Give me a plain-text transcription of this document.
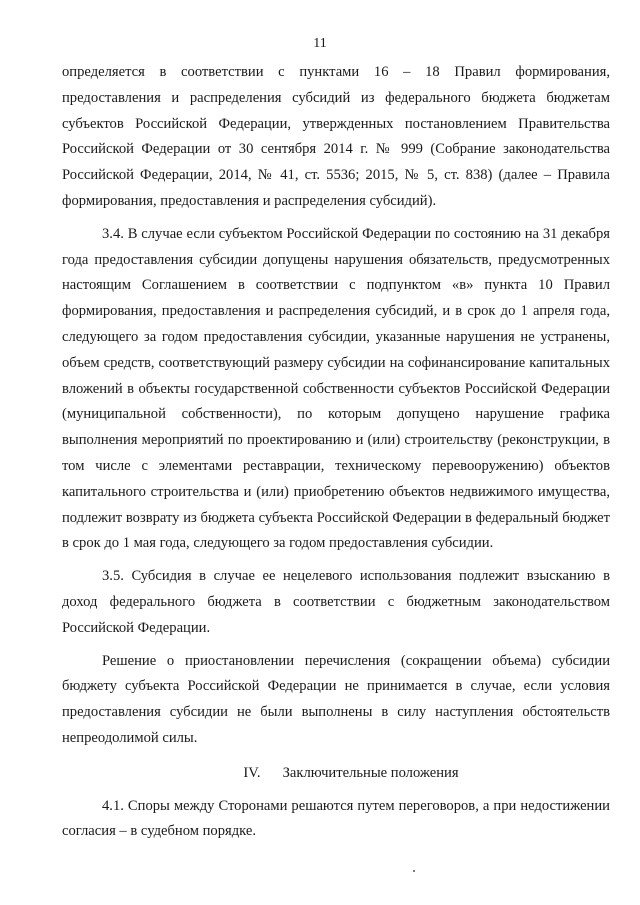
11

определяется в соответствии с пунктами 16 – 18 Правил формирования, предоставления и распределения субсидий из федерального бюджета бюджетам субъектов Российской Федерации, утвержденных постановлением Правительства Российской Федерации от 30 сентября 2014 г. № 999 (Собрание законодательства Российской Федерации, 2014, № 41, ст. 5536; 2015, № 5, ст. 838) (далее – Правила формирования, предоставления и распределения субсидий).

3.4. В случае если субъектом Российской Федерации по состоянию на 31 декабря года предоставления субсидии допущены нарушения обязательств, предусмотренных настоящим Соглашением в соответствии с подпунктом «в» пункта 10 Правил формирования, предоставления и распределения субсидий, и в срок до 1 апреля года, следующего за годом предоставления субсидии, указанные нарушения не устранены, объем средств, соответствующий размеру субсидии на софинансирование капитальных вложений в объекты государственной собственности субъектов Российской Федерации (муниципальной собственности), по которым допущено нарушение графика выполнения мероприятий по проектированию и (или) строительству (реконструкции, в том числе с элементами реставрации, техническому перевооружению) объектов капитального строительства и (или) приобретению объектов недвижимого имущества, подлежит возврату из бюджета субъекта Российской Федерации в федеральный бюджет в срок до 1 мая года, следующего за годом предоставления субсидии.

3.5. Субсидия в случае ее нецелевого использования подлежит взысканию в доход федерального бюджета в соответствии с бюджетным законодательством Российской Федерации.

Решение о приостановлении перечисления (сокращении объема) субсидии бюджету субъекта Российской Федерации не принимается в случае, если условия предоставления субсидии не были выполнены в силу наступления обстоятельств непреодолимой силы.

IV. Заключительные положения

4.1. Споры между Сторонами решаются путем переговоров, а при недостижении согласия – в судебном порядке.
